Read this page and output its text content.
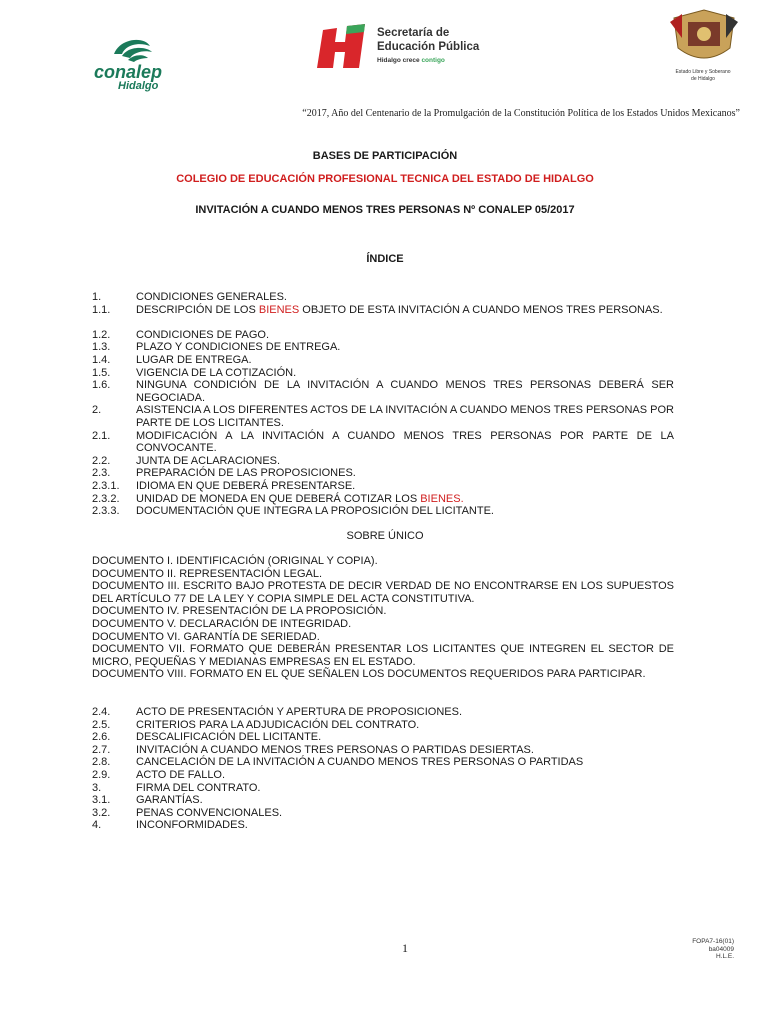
conalep
Hidalgo
Secretaría de
Educación Pública
Hidalgo crece contigo
Estado Libre y Soberano
de Hidalgo
“2017, Año del Centenario de la Promulgación de la Constitución Política de los Estados Unidos Mexicanos”
BASES DE PARTICIPACIÓN
COLEGIO DE EDUCACIÓN PROFESIONAL TECNICA DEL ESTADO DE HIDALGO
INVITACIÓN A CUANDO MENOS TRES PERSONAS Nº CONALEP 05/2017
ÍNDICE
1.	CONDICIONES GENERALES.
1.1.	DESCRIPCIÓN DE LOS BIENES OBJETO DE ESTA INVITACIÓN A CUANDO MENOS TRES PERSONAS.
1.2.	CONDICIONES DE PAGO.
1.3.	PLAZO Y CONDICIONES DE ENTREGA.
1.4.	LUGAR DE ENTREGA.
1.5.	VIGENCIA DE LA COTIZACIÓN.
1.6.	NINGUNA CONDICIÓN DE LA INVITACIÓN A CUANDO MENOS TRES PERSONAS DEBERÁ SER NEGOCIADA.
2.	ASISTENCIA A LOS DIFERENTES ACTOS DE LA INVITACIÓN A CUANDO MENOS TRES PERSONAS POR PARTE DE LOS LICITANTES.
2.1.	MODIFICACIÓN A LA INVITACIÓN A CUANDO MENOS TRES PERSONAS POR PARTE DE LA CONVOCANTE.
2.2.	JUNTA DE ACLARACIONES.
2.3.	PREPARACIÓN DE LAS PROPOSICIONES.
2.3.1.	IDIOMA EN QUE DEBERÁ PRESENTARSE.
2.3.2.	UNIDAD DE MONEDA EN QUE DEBERÁ COTIZAR LOS BIENES.
2.3.3.	DOCUMENTACIÓN QUE INTEGRA LA PROPOSICIÓN DEL LICITANTE.
SOBRE ÚNICO
DOCUMENTO I. IDENTIFICACIÓN (ORIGINAL Y COPIA).
DOCUMENTO II. REPRESENTACIÓN LEGAL.
DOCUMENTO III. ESCRITO BAJO PROTESTA DE DECIR VERDAD DE NO ENCONTRARSE EN LOS SUPUESTOS DEL ARTÍCULO 77 DE LA LEY Y COPIA SIMPLE DEL ACTA CONSTITUTIVA.
DOCUMENTO IV. PRESENTACIÓN DE LA PROPOSICIÓN.
DOCUMENTO V. DECLARACIÓN DE INTEGRIDAD.
DOCUMENTO VI. GARANTÍA DE SERIEDAD.
DOCUMENTO VII. FORMATO QUE DEBERÁN PRESENTAR LOS LICITANTES QUE INTEGREN EL SECTOR DE MICRO, PEQUEÑAS Y MEDIANAS EMPRESAS EN EL ESTADO.
DOCUMENTO VIII. FORMATO EN EL QUE SEÑALEN LOS DOCUMENTOS REQUERIDOS PARA PARTICIPAR.
2.4.	ACTO DE PRESENTACIÓN Y APERTURA DE PROPOSICIONES.
2.5.	CRITERIOS PARA LA ADJUDICACIÓN DEL CONTRATO.
2.6.	DESCALIFICACIÓN DEL LICITANTE.
2.7.	INVITACIÓN A CUANDO MENOS TRES PERSONAS O PARTIDAS DESIERTAS.
2.8.	CANCELACIÓN DE LA INVITACIÓN A CUANDO MENOS TRES PERSONAS O PARTIDAS
2.9.	ACTO DE FALLO.
3.	FIRMA DEL CONTRATO.
3.1.	GARANTÍAS.
3.2.	PENAS CONVENCIONALES.
4.	INCONFORMIDADES.
1	FOPA7-16(01)
ba04009
H.L.E.
